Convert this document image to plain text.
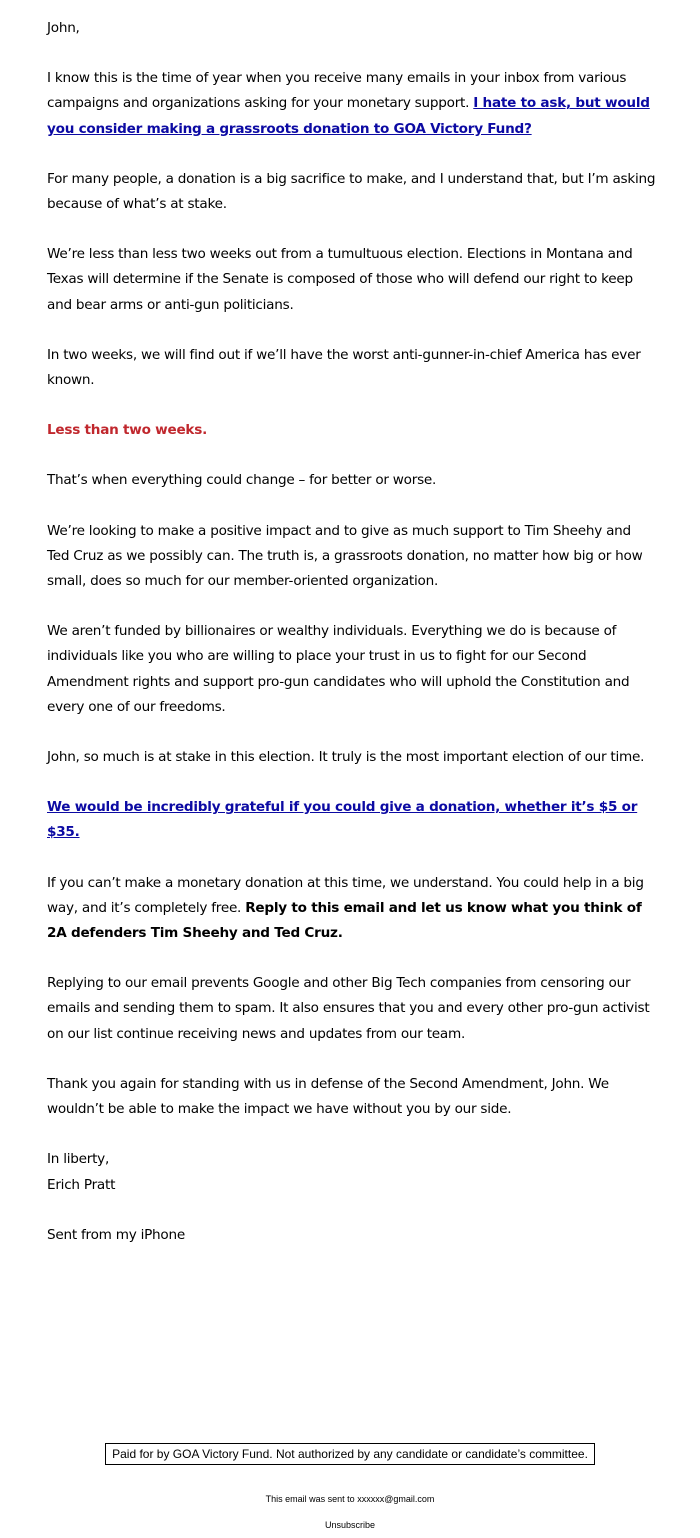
John,

I know this is the time of year when you receive many emails in your inbox from various campaigns and organizations asking for your monetary support. I hate to ask, but would you consider making a grassroots donation to GOA Victory Fund?

For many people, a donation is a big sacrifice to make, and I understand that, but I’m asking because of what’s at stake.

We’re less than less two weeks out from a tumultuous election. Elections in Montana and Texas will determine if the Senate is composed of those who will defend our right to keep and bear arms or anti-gun politicians.

In two weeks, we will find out if we’ll have the worst anti-gunner-in-chief America has ever known.

Less than two weeks.

That’s when everything could change – for better or worse.

We’re looking to make a positive impact and to give as much support to Tim Sheehy and Ted Cruz as we possibly can. The truth is, a grassroots donation, no matter how big or how small, does so much for our member-oriented organization.

We aren’t funded by billionaires or wealthy individuals. Everything we do is because of individuals like you who are willing to place your trust in us to fight for our Second Amendment rights and support pro-gun candidates who will uphold the Constitution and every one of our freedoms.

John, so much is at stake in this election. It truly is the most important election of our time.

We would be incredibly grateful if you could give a donation, whether it’s $5 or $35.

If you can’t make a monetary donation at this time, we understand. You could help in a big way, and it’s completely free. Reply to this email and let us know what you think of 2A defenders Tim Sheehy and Ted Cruz.

Replying to our email prevents Google and other Big Tech companies from censoring our emails and sending them to spam. It also ensures that you and every other pro-gun activist on our list continue receiving news and updates from our team.

Thank you again for standing with us in defense of the Second Amendment, John. We wouldn’t be able to make the impact we have without you by our side.

In liberty,
Erich Pratt

Sent from my iPhone

Paid for by GOA Victory Fund. Not authorized by any candidate or candidate’s committee.
This email was sent to xxxxxx@gmail.com
Unsubscribe
